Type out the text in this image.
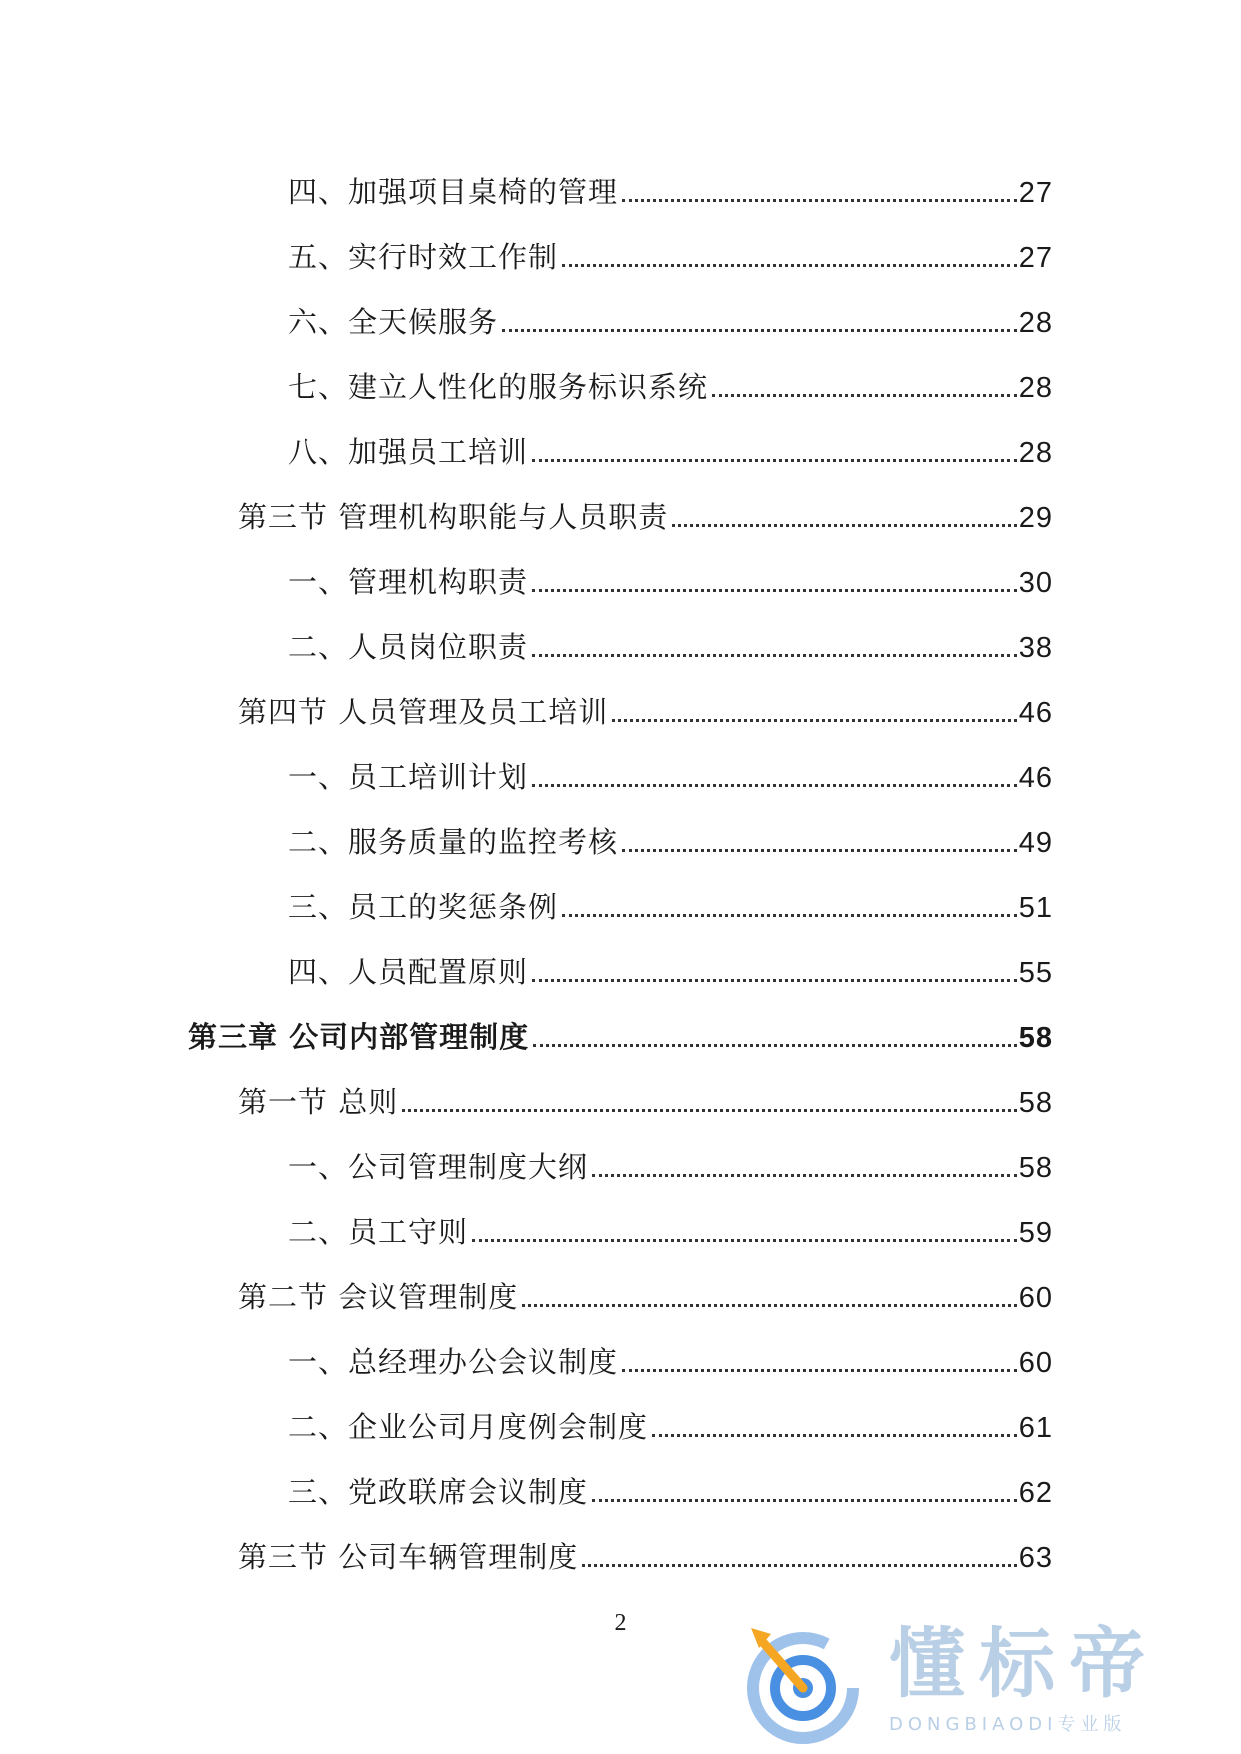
四、加强项目桌椅的管理	27
五、实行时效工作制	27
六、全天候服务	28
七、建立人性化的服务标识系统	28
八、加强员工培训	28
第三节 管理机构职能与人员职责	29
一、管理机构职责	30
二、人员岗位职责	38
第四节 人员管理及员工培训	46
一、员工培训计划	46
二、服务质量的监控考核	49
三、员工的奖惩条例	51
四、人员配置原则	55
第三章 公司内部管理制度	58
第一节 总则	58
一、公司管理制度大纲	58
二、员工守则	59
第二节 会议管理制度	60
一、总经理办公会议制度	60
二、企业公司月度例会制度	61
三、党政联席会议制度	62
第三节 公司车辆管理制度	63
2	懂标帝
DONGBIAODI专业版
